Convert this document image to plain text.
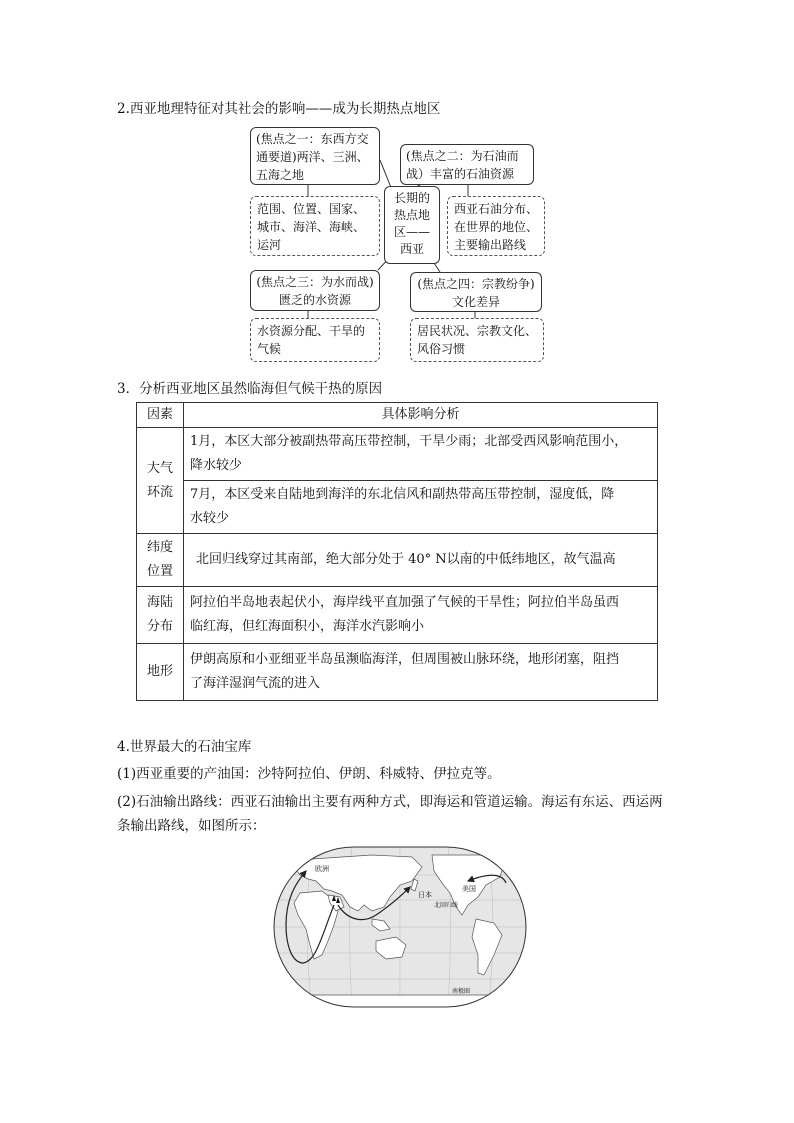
2.西亚地理特征对其社会的影响——成为长期热点地区
(焦点之一：东西方交
通要道)两洋、三洲、
五海之地
范围、位置、国家、
城市、海洋、海峡、
运河
(焦点之二：为石油而
战）丰富的石油资源
西亚石油分布、
在世界的地位、
主要输出路线
长期的
热点地
区——
西亚
(焦点之三：为水而战)
匮乏的水资源
水资源分配、干旱的
气候
(焦点之四：宗教纷争)
文化差异
居民状况、宗教文化、
风俗习惯
3．分析西亚地区虽然临海但气候干热的原因
因素	具体影响分析

大气
环流	1月，本区大部分被副热带高压带控制，干旱少雨；北部受西风影响范围小，
降水较少

	7月，本区受来自陆地到海洋的东北信风和副热带高压带控制，湿度低，降
水较少

纬度
位置	北回归线穿过其南部，绝大部分处于 40° N以南的中低纬地区，故气温高

海陆
分布	阿拉伯半岛地表起伏小，海岸线平直加强了气候的干旱性；阿拉伯半岛虽西
临红海，但红海面积小，海洋水汽影响小

地形	伊朗高原和小亚细亚半岛虽濒临海洋，但周围被山脉环绕，地形闭塞，阻挡
了海洋湿润气流的进入
4.世界最大的石油宝库
(1)西亚重要的产油国：沙特阿拉伯、伊朗、科威特、伊拉克等。
(2)石油输出路线：西亚石油输出主要有两种方式，即海运和管道运输。海运有东运、西运两
条输出路线，如图所示：
欧洲
日本
美国
北回归线
南极圈
